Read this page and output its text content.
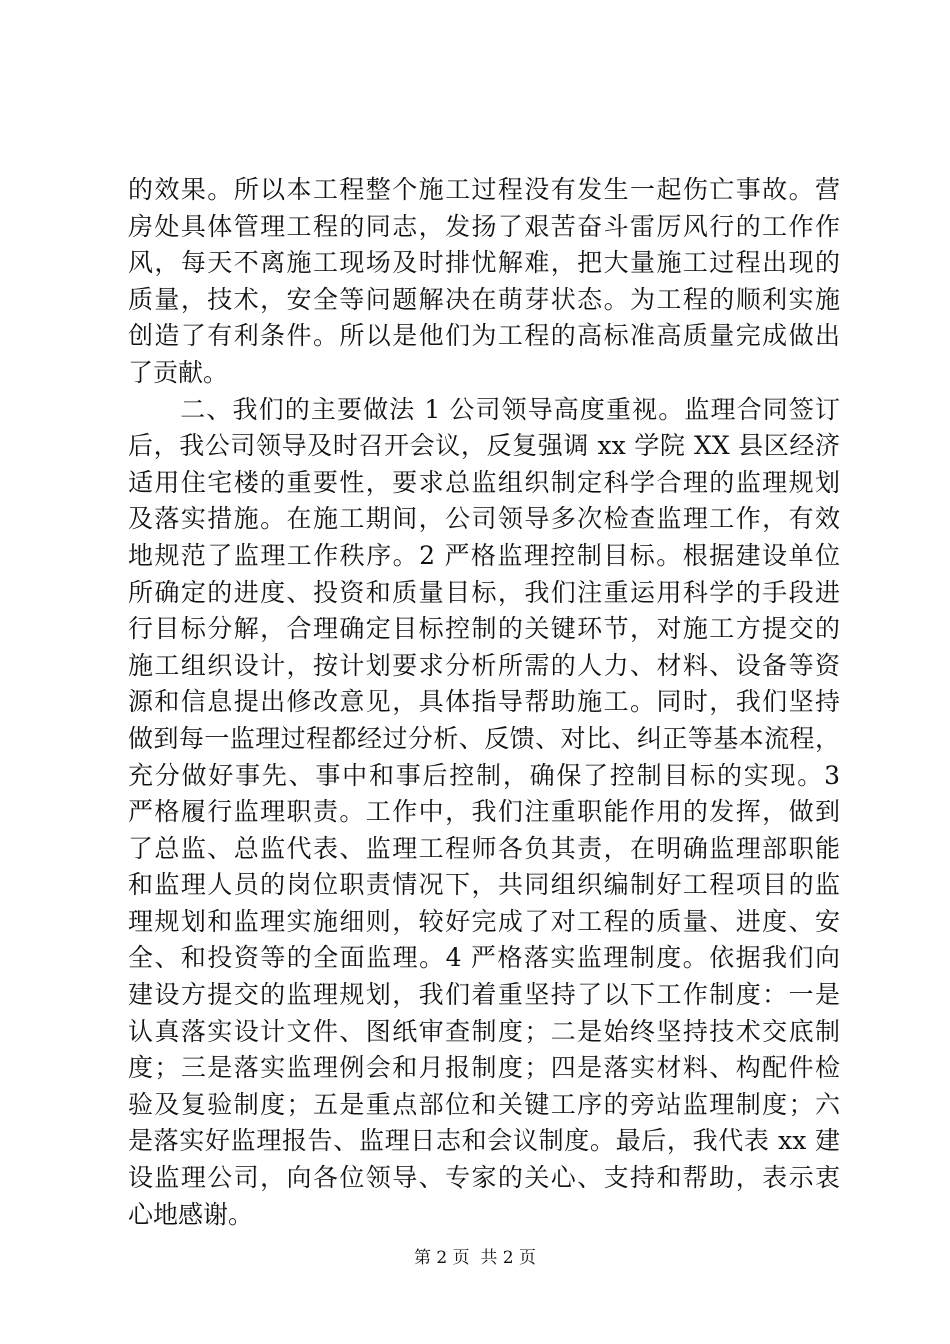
的效果。所以本工程整个施工过程没有发生一起伤亡事故。营
房处具体管理工程的同志，发扬了艰苦奋斗雷厉风行的工作作
风，每天不离施工现场及时排忧解难，把大量施工过程出现的
质量，技术，安全等问题解决在萌芽状态。为工程的顺利实施
创造了有利条件。所以是他们为工程的高标准高质量完成做出
了贡献。
　　二、我们的主要做法 1 公司领导高度重视。监理合同签订
后，我公司领导及时召开会议，反复强调 xx 学院 XX 县区经济
适用住宅楼的重要性，要求总监组织制定科学合理的监理规划
及落实措施。在施工期间，公司领导多次检查监理工作，有效
地规范了监理工作秩序。2 严格监理控制目标。根据建设单位
所确定的进度、投资和质量目标，我们注重运用科学的手段进
行目标分解，合理确定目标控制的关键环节，对施工方提交的
施工组织设计，按计划要求分析所需的人力、材料、设备等资
源和信息提出修改意见，具体指导帮助施工。同时，我们坚持
做到每一监理过程都经过分析、反馈、对比、纠正等基本流程，
充分做好事先、事中和事后控制，确保了控制目标的实现。3
严格履行监理职责。工作中，我们注重职能作用的发挥，做到
了总监、总监代表、监理工程师各负其责，在明确监理部职能
和监理人员的岗位职责情况下，共同组织编制好工程项目的监
理规划和监理实施细则，较好完成了对工程的质量、进度、安
全、和投资等的全面监理。4 严格落实监理制度。依据我们向
建设方提交的监理规划，我们着重坚持了以下工作制度：一是
认真落实设计文件、图纸审查制度；二是始终坚持技术交底制
度；三是落实监理例会和月报制度；四是落实材料、构配件检
验及复验制度；五是重点部位和关键工序的旁站监理制度；六
是落实好监理报告、监理日志和会议制度。最后，我代表 xx 建
设监理公司，向各位领导、专家的关心、支持和帮助，表示衷
心地感谢。
第 2 页  共 2 页
